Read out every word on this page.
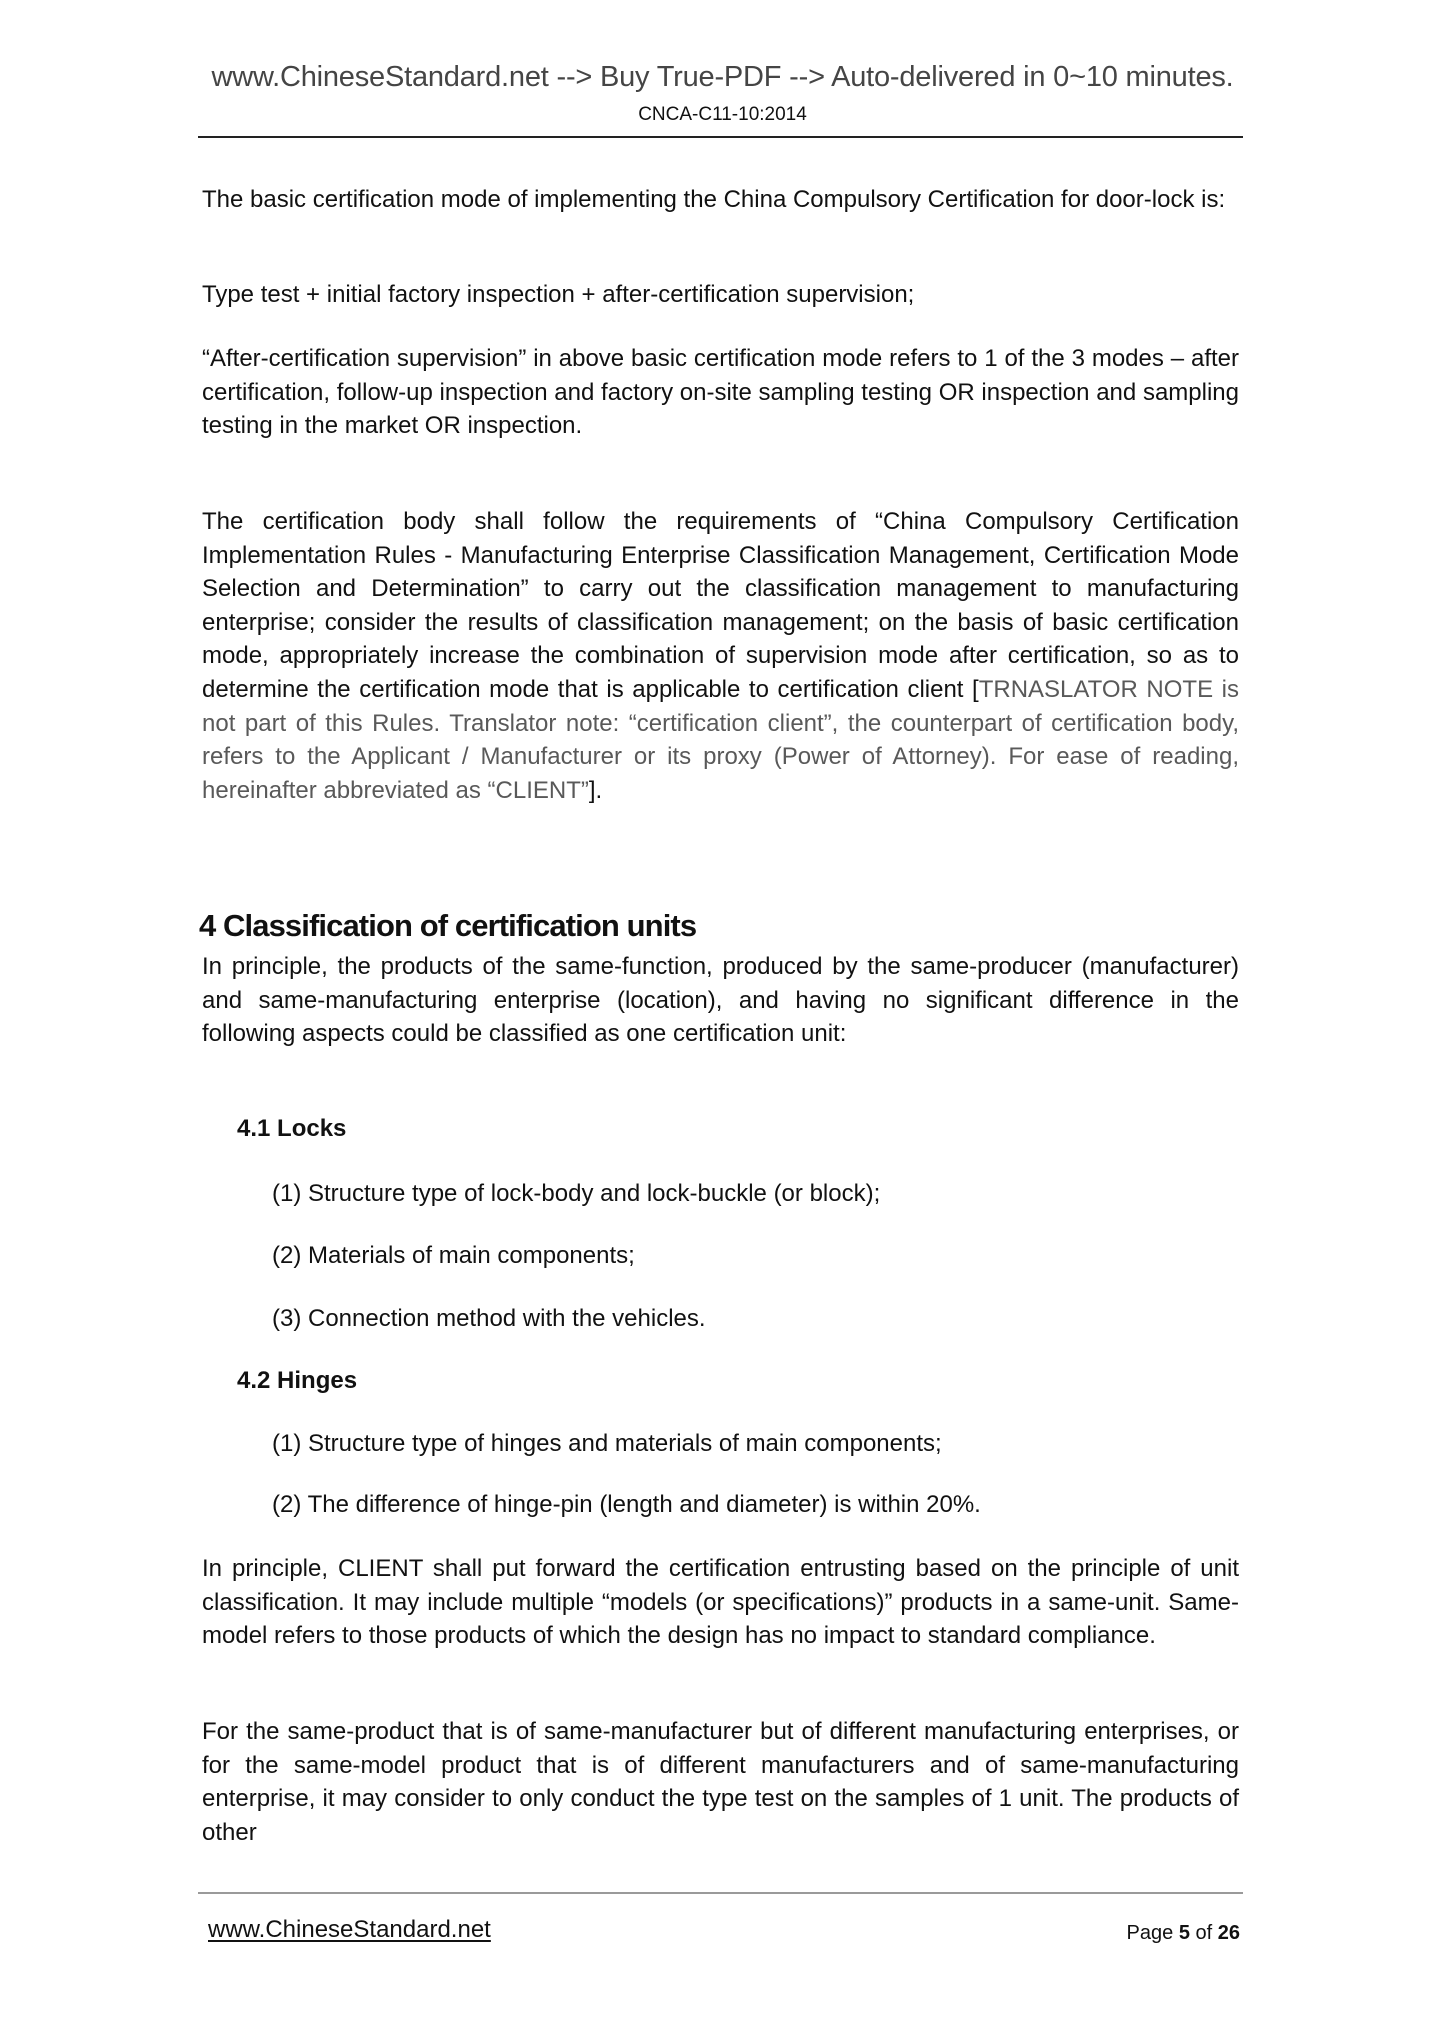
www.ChineseStandard.net --> Buy True-PDF --> Auto-delivered in 0~10 minutes.
CNCA-C11-10:2014

The basic certification mode of implementing the China Compulsory Certification for door-lock is:

Type test + initial factory inspection + after-certification supervision;

“After-certification supervision” in above basic certification mode refers to 1 of the 3 modes – after certification, follow-up inspection and factory on-site sampling testing OR inspection and sampling testing in the market OR inspection.

The certification body shall follow the requirements of “China Compulsory Certification Implementation Rules - Manufacturing Enterprise Classification Management, Certification Mode Selection and Determination” to carry out the classification management to manufacturing enterprise; consider the results of classification management; on the basis of basic certification mode, appropriately increase the combination of supervision mode after certification, so as to determine the certification mode that is applicable to certification client [TRNASLATOR NOTE is not part of this Rules. Translator note: “certification client”, the counterpart of certification body, refers to the Applicant / Manufacturer or its proxy (Power of Attorney). For ease of reading, hereinafter abbreviated as “CLIENT”].

4 Classification of certification units

In principle, the products of the same-function, produced by the same-producer (manufacturer) and same-manufacturing enterprise (location), and having no significant difference in the following aspects could be classified as one certification unit:

4.1 Locks
(1) Structure type of lock-body and lock-buckle (or block);
(2) Materials of main components;
(3) Connection method with the vehicles.
4.2 Hinges
(1) Structure type of hinges and materials of main components;
(2) The difference of hinge-pin (length and diameter) is within 20%.

In principle, CLIENT shall put forward the certification entrusting based on the principle of unit classification. It may include multiple “models (or specifications)” products in a same-unit. Same-model refers to those products of which the design has no impact to standard compliance.

For the same-product that is of same-manufacturer but of different manufacturing enterprises, or for the same-model product that is of different manufacturers and of same-manufacturing enterprise, it may consider to only conduct the type test on the samples of 1 unit. The products of other

www.ChineseStandard.net	Page 5 of 26
